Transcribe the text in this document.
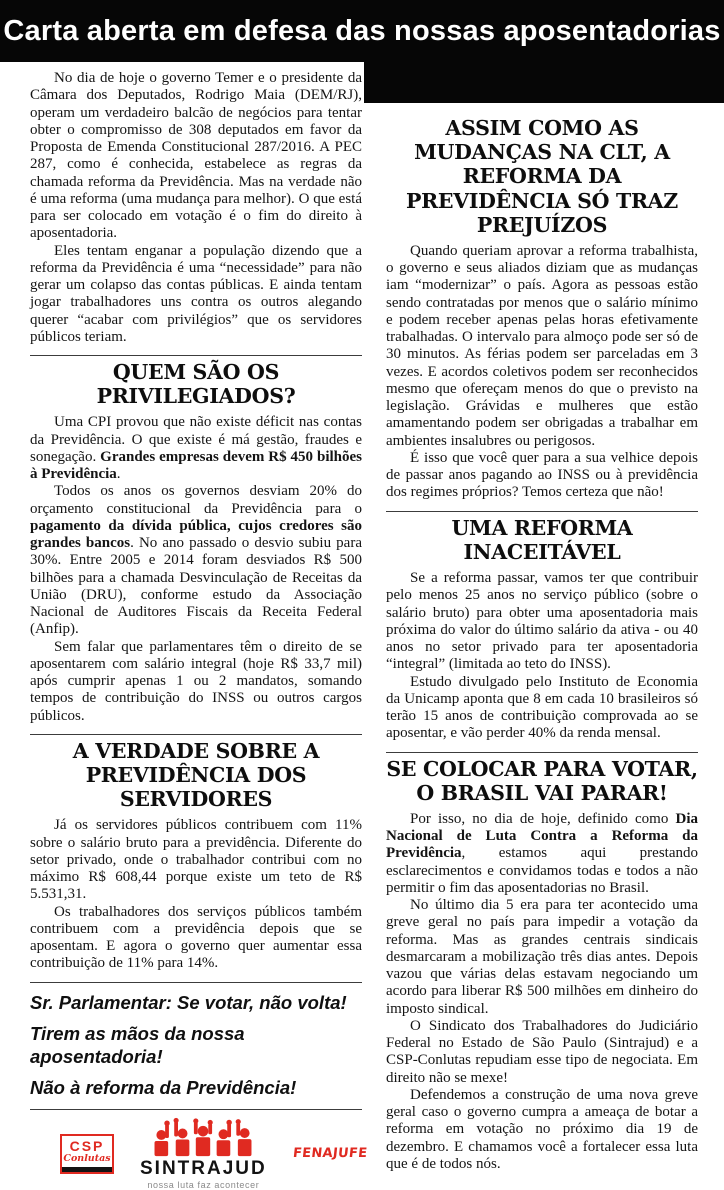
Carta aberta em defesa das nossas aposentadorias

No dia de hoje o governo Temer e o presidente da Câmara dos Deputados, Rodrigo Maia (DEM/RJ), operam um verdadeiro balcão de negócios para tentar obter o compromisso de 308 deputados em favor da Proposta de Emenda Constitucional 287/2016. A PEC 287, como é conhecida, estabelece as regras da chamada reforma da Previdência. Mas na verdade não é uma reforma (uma mudança para melhor). O que está para ser colocado em votação é o fim do direito à aposentadoria.

Eles tentam enganar a população dizendo que a reforma da Previdência é uma “necessidade” para não gerar um colapso das contas públicas. E ainda tentam jogar trabalhadores uns contra os outros alegando querer “acabar com privilégios” que os servidores públicos teriam.

QUEM SÃO OS PRIVILEGIADOS?

Uma CPI provou que não existe déficit nas contas da Previdência. O que existe é má gestão, fraudes e sonegação. Grandes empresas devem R$ 450 bilhões à Previdência.

Todos os anos os governos desviam 20% do orçamento constitucional da Previdência para o pagamento da dívida pública, cujos credores são grandes bancos. No ano passado o desvio subiu para 30%. Entre 2005 e 2014 foram desviados R$ 500 bilhões para a chamada Desvinculação de Receitas da União (DRU), conforme estudo da Associação Nacional de Auditores Fiscais da Receita Federal (Anfip).

Sem falar que parlamentares têm o direito de se aposentarem com salário integral (hoje R$ 33,7 mil) após cumprir apenas 1 ou 2 mandatos, somando tempos de contribuição do INSS ou outros cargos públicos.

A VERDADE SOBRE A PREVIDÊNCIA DOS SERVIDORES

Já os servidores públicos contribuem com 11% sobre o salário bruto para a previdência. Diferente do setor privado, onde o trabalhador contribui com no máximo R$ 608,44 porque existe um teto de R$ 5.531,31.

Os trabalhadores dos serviços públicos também contribuem com a previdência depois que se aposentam. E agora o governo quer aumentar essa contribuição de 11% para 14%.

Sr. Parlamentar: Se votar, não volta!

Tirem as mãos da nossa aposentadoria!

Não à reforma da Previdência!

CSP
Conlutas SINTRAJUD
nossa luta faz acontecer
FENAJUFE
ASSIM COMO AS MUDANÇAS NA CLT, A REFORMA DA PREVIDÊNCIA SÓ TRAZ PREJUÍZOS

Quando queriam aprovar a reforma trabalhista, o governo e seus aliados diziam que as mudanças iam “modernizar” o país. Agora as pessoas estão sendo contratadas por menos que o salário mínimo e podem receber apenas pelas horas efetivamente trabalhadas. O intervalo para almoço pode ser só de 30 minutos. As férias podem ser parceladas em 3 vezes. E acordos coletivos podem ser reconhecidos mesmo que ofereçam menos do que o previsto na legislação. Grávidas e mulheres que estão amamentando podem ser obrigadas a trabalhar em ambientes insalubres ou perigosos.

É isso que você quer para a sua velhice depois de passar anos pagando ao INSS ou à previdência dos regimes próprios? Temos certeza que não!

UMA REFORMA INACEITÁVEL

Se a reforma passar, vamos ter que contribuir pelo menos 25 anos no serviço público (sobre o salário bruto) para obter uma aposentadoria mais próxima do valor do último salário da ativa - ou 40 anos no setor privado para ter aposentadoria “integral” (limitada ao teto do INSS).

Estudo divulgado pelo Instituto de Economia da Unicamp aponta que 8 em cada 10 brasileiros só terão 15 anos de contribuição comprovada ao se aposentar, e vão perder 40% da renda mensal.

SE COLOCAR PARA VOTAR, O BRASIL VAI PARAR!

Por isso, no dia de hoje, definido como Dia Nacional de Luta Contra a Reforma da Previdência, estamos aqui prestando esclarecimentos e convidamos todas e todos a não permitir o fim das aposentadorias no Brasil.

No último dia 5 era para ter acontecido uma greve geral no país para impedir a votação da reforma. Mas as grandes centrais sindicais desmarcaram a mobilização três dias antes. Depois vazou que várias delas estavam negociando um acordo para liberar R$ 500 milhões em dinheiro do imposto sindical.

O Sindicato dos Trabalhadores do Judiciário Federal no Estado de São Paulo (Sintrajud) e a CSP-Conlutas repudiam esse tipo de negociata. Em direito não se mexe!

Defendemos a construção de uma nova greve geral caso o governo cumpra a ameaça de botar a reforma em votação no próximo dia 19 de dezembro. E chamamos você a fortalecer essa luta que é de todos nós.
